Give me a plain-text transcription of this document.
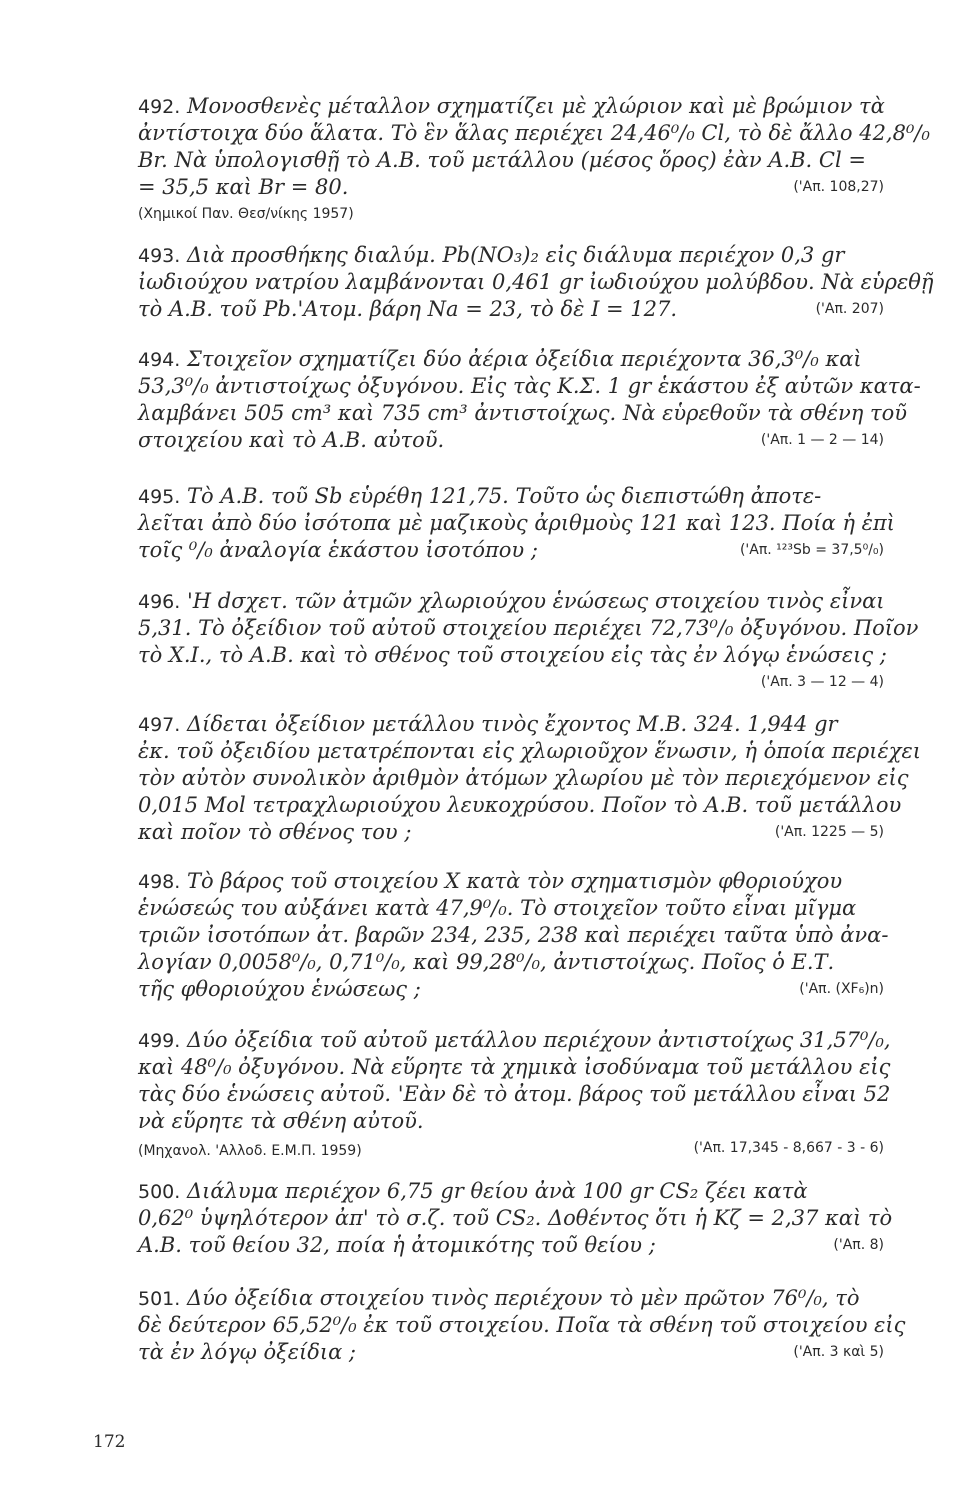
492. Μονοσθενὲς μέταλλον σχηματίζει μὲ χλώριον καὶ μὲ βρώμιον τὰ
ἀντίστοιχα δύο ἅλατα. Τὸ ἓν ἅλας περιέχει 24,46⁰/₀ Cl, τὸ δὲ ἄλλο 42,8⁰/₀
Br. Νὰ ὑπολογισθῇ τὸ Α.Β. τοῦ μετάλλου (μέσος ὅρος) ἐὰν Α.Β. Cl =
= 35,5 καὶ Br = 80.	('Απ. 108,27)
(Χημικοί Παν. Θεσ/νίκης 1957)
493. Διὰ προσθήκης διαλύμ. Pb(NO₃)₂ εἰς διάλυμα περιέχον 0,3 gr
ἰωδιούχου νατρίου λαμβάνονται 0,461 gr ἰωδιούχου μολύβδου. Νὰ εὑρεθῇ
τὸ Α.Β. τοῦ Pb.'Ατομ. βάρη Na = 23, τὸ δὲ I = 127.	('Απ. 207)
494. Στοιχεῖον σχηματίζει δύο ἀέρια ὀξείδια περιέχοντα 36,3⁰/₀ καὶ
53,3⁰/₀ ἀντιστοίχως ὀξυγόνου. Εἰς τὰς Κ.Σ. 1 gr ἑκάστου ἐξ αὐτῶν κατα-
λαμβάνει 505 cm³ καὶ 735 cm³ ἀντιστοίχως. Νὰ εὑρεθοῦν τὰ σθένη τοῦ
στοιχείου καὶ τὸ Α.Β. αὐτοῦ.	('Απ. 1 — 2 — 14)
495. Τὸ Α.Β. τοῦ Sb εὑρέθη 121,75. Τοῦτο ὡς διεπιστώθη ἀποτε-
λεῖται ἀπὸ δύο ἰσότοπα μὲ μαζικοὺς ἀριθμοὺς 121 καὶ 123. Ποία ἡ ἐπὶ
τοῖς ⁰/₀ ἀναλογία ἑκάστου ἰσοτόπου ;	('Απ. ¹²³Sb = 37,5⁰/₀)
496. 'Η dσχετ. τῶν ἀτμῶν χλωριούχου ἑνώσεως στοιχείου τινὸς εἶναι
5,31. Τὸ ὀξείδιον τοῦ αὐτοῦ στοιχείου περιέχει 72,73⁰/₀ ὀξυγόνου. Ποῖον
τὸ Χ.Ι., τὸ Α.Β. καὶ τὸ σθένος τοῦ στοιχείου εἰς τὰς ἐν λόγῳ ἑνώσεις ;
('Απ. 3 — 12 — 4)
497. Δίδεται ὀξείδιον μετάλλου τινὸς ἔχοντος Μ.Β. 324. 1,944 gr
ἐκ. τοῦ ὀξειδίου μετατρέπονται εἰς χλωριοῦχον ἕνωσιν, ἡ ὁποία περιέχει
τὸν αὐτὸν συνολικὸν ἀριθμὸν ἀτόμων χλωρίου μὲ τὸν περιεχόμενον εἰς
0,015 Mol τετραχλωριούχου λευκοχρύσου. Ποῖον τὸ Α.Β. τοῦ μετάλλου
καὶ ποῖον τὸ σθένος του ;	('Απ. 1225 — 5)
498. Τὸ βάρος τοῦ στοιχείου Χ κατὰ τὸν σχηματισμὸν φθοριούχου
ἑνώσεώς του αὐξάνει κατὰ 47,9⁰/₀. Τὸ στοιχεῖον τοῦτο εἶναι μῖγμα
τριῶν ἰσοτόπων ἀτ. βαρῶν 234, 235, 238 καὶ περιέχει ταῦτα ὑπὸ ἀνα-
λογίαν 0,0058⁰/₀, 0,71⁰/₀, καὶ 99,28⁰/₀, ἀντιστοίχως. Ποῖος ὁ Ε.Τ.
τῆς φθοριούχου ἑνώσεως ;	('Απ. (XF₆)n)
499. Δύο ὀξείδια τοῦ αὐτοῦ μετάλλου περιέχουν ἀντιστοίχως 31,57⁰/₀,
καὶ 48⁰/₀ ὀξυγόνου. Νὰ εὕρητε τὰ χημικὰ ἰσοδύναμα τοῦ μετάλλου εἰς
τὰς δύο ἑνώσεις αὐτοῦ. 'Εὰν δὲ τὸ ἀτομ. βάρος τοῦ μετάλλου εἶναι 52
νὰ εὕρητε τὰ σθένη αὐτοῦ.
(Μηχανολ. 'Αλλοδ. Ε.Μ.Π. 1959)	('Απ. 17,345 - 8,667 - 3 - 6)
500. Διάλυμα περιέχον 6,75 gr θείου ἀνὰ 100 gr CS₂ ζέει κατὰ
0,62⁰ ὑψηλότερον ἀπ' τὸ σ.ζ. τοῦ CS₂. Δοθέντος ὅτι ἡ Κζ = 2,37 καὶ τὸ
Α.Β. τοῦ θείου 32, ποία ἡ ἀτομικότης τοῦ θείου ;	('Απ. 8)
501. Δύο ὀξείδια στοιχείου τινὸς περιέχουν τὸ μὲν πρῶτον 76⁰/₀, τὸ
δὲ δεύτερον 65,52⁰/₀ ἐκ τοῦ στοιχείου. Ποῖα τὰ σθένη τοῦ στοιχείου εἰς
τὰ ἐν λόγῳ ὀξείδια ;	('Απ. 3 καὶ 5)
172
